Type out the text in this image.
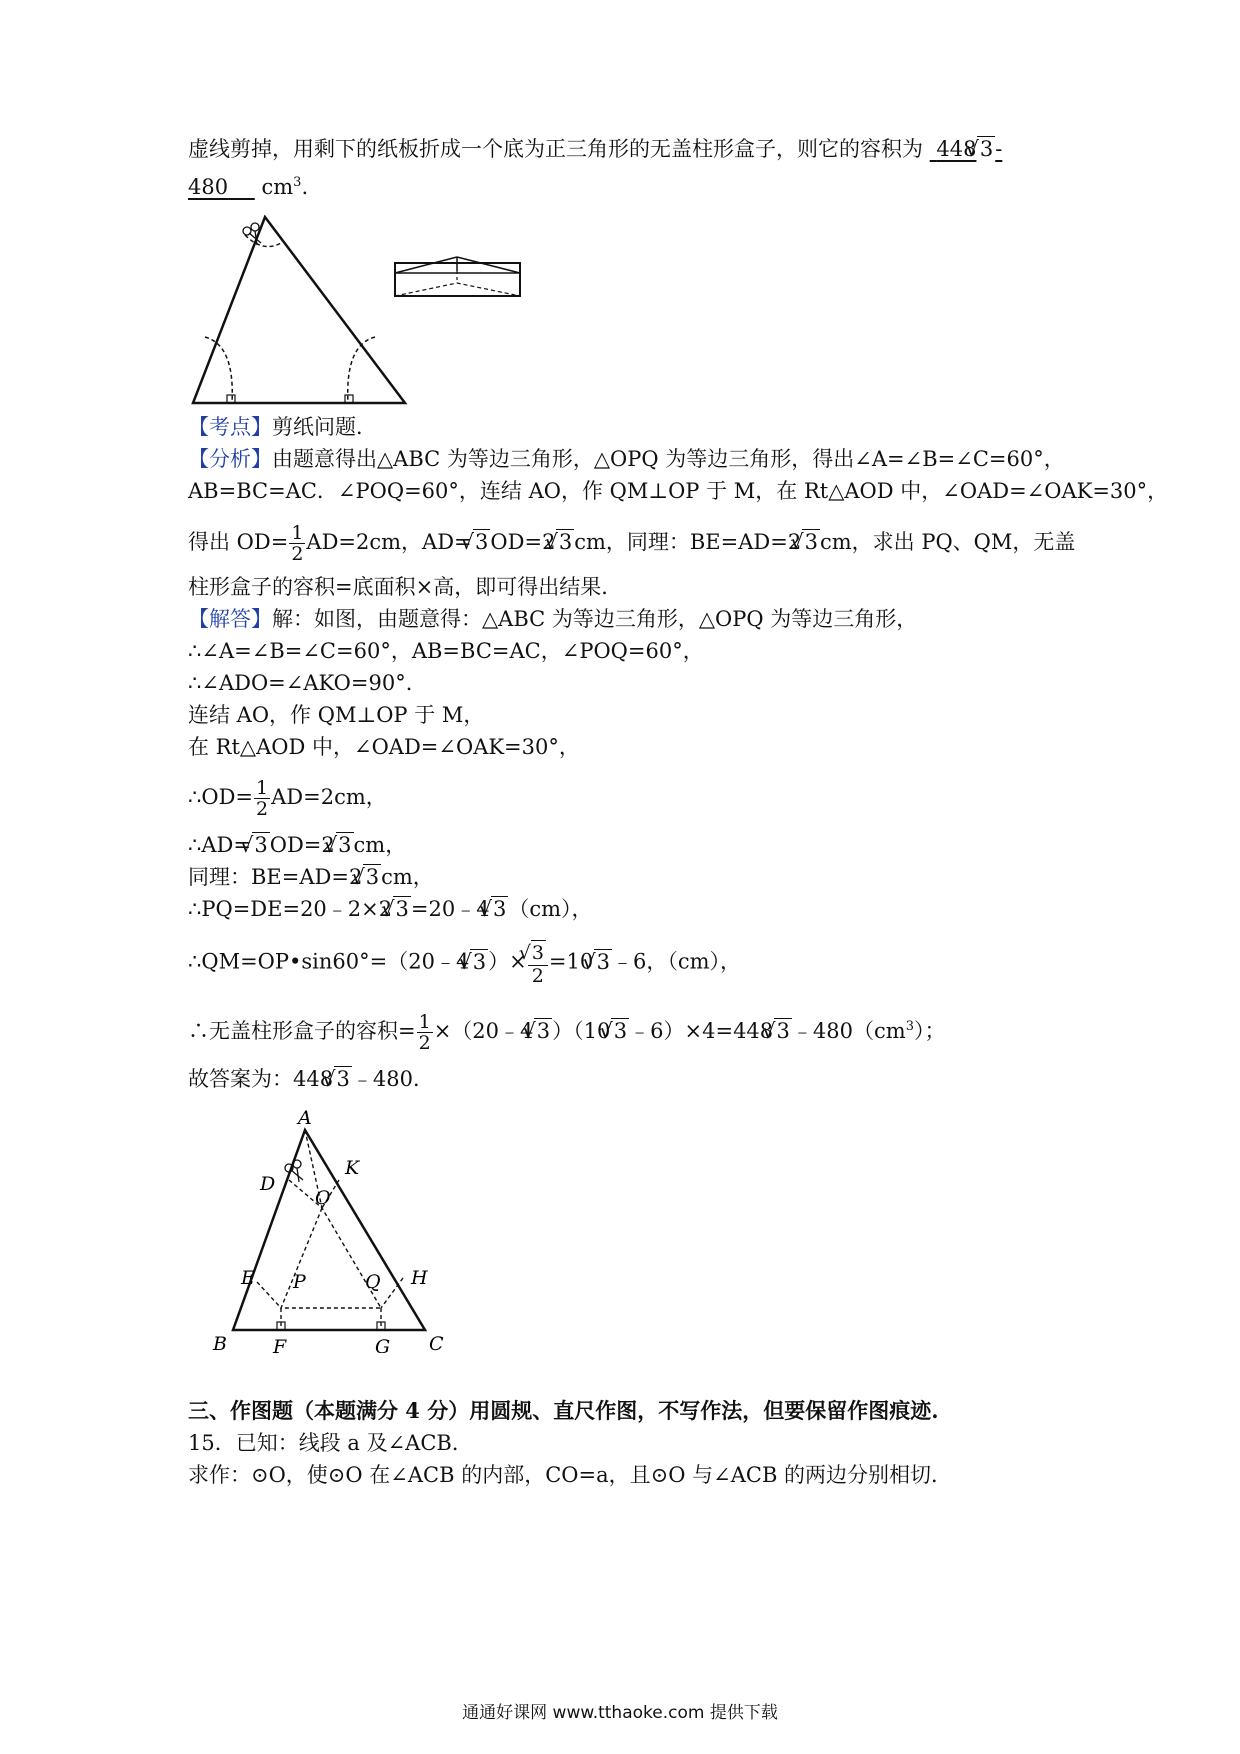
虚线剪掉，用剩下的纸板折成一个底为正三角形的无盖柱形盒子，则它的容积为 448√ 3-
480 $cm^3$.
【考点】剪纸问题．
【分析】由题意得出△ABC 为等边三角形，△OPQ 为等边三角形，得出∠A=∠B=∠C=60°，
AB=BC=AC．∠POQ=60°，连结 AO，作 QM⊥OP 于 M，在 Rt△AOD 中，∠OAD=∠OAK=30°，
得出 $OD= \frac{1}{2} AD=2cm$，AD=√ 3OD=2√ 3cm，同理：BE=AD=2√ 3cm，求出 PQ、QM，无盖
柱形盒子的容积=底面积×高，即可得出结果．
【解答】解：如图，由题意得：△ABC 为等边三角形，△OPQ 为等边三角形，
∴∠A=∠B=∠C=60°，AB=BC=AC，∠POQ=60°，
∴∠ADO=∠AKO=90°．
连结 AO，作 QM⊥OP 于 M，
在 Rt△AOD 中，∠OAD=∠OAK=30°，
∴OD= $\frac{1}{2} AD=2cm$，
∴AD=√ 3OD=2√ 3cm，
同理：BE=AD=2√ 3cm，
∴PQ=DE=20﹣2×2√ 3=20﹣4√ 3（cm），
∴QM=OP•sin60°=（20﹣4√ 3）×
√ $\frac{3}{2} =10√$ 3﹣6，（cm），
∴无盖柱形盒子的容积= $\frac{1}{2}$ ×（20﹣4√ 3）（10√ 3﹣6）×4=448√ $3﹣480(cm^3)$；
故答案为：448√ 3﹣480．
A
B	C
D
E
F	G
H
K
O
P	Q
三、作图题（本题满分 4 分）用圆规、直尺作图，不写作法，但要保留作图痕迹.
15．已知：线段 a 及∠ACB．
求作：⊙O，使⊙O 在∠ACB 的内部，CO=a，且⊙O 与∠ACB 的两边分别相切．
通通好课网 www.tthaoke.com 提供下载
